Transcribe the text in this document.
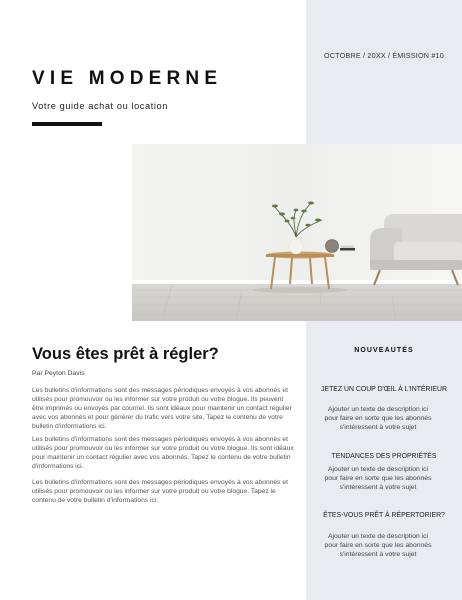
OCTOBRE / 20XX / ÉMISSION #10
VIE MODERNE
Votre guide achat ou location
Vous êtes prêt à régler?
Par Peyton Davis
Les bulletins d'informations sont des messages périodiques envoyés à vos abonnés et utilisés pour promouvoir ou les informer sur votre produit ou votre blogue. Ils peuvent être imprimés ou envoyés par courriel. Ils sont idéaux pour maintenir un contact régulier avec vos abonnés et pour générer du trafic vers votre site. Tapez le contenu de votre bulletin d'informations ici.
Les bulletins d'informations sont des messages périodiques envoyés à vos abonnés et utilisés pour promouvoir ou les informer sur votre produit ou votre blogue. Ils sont idéaux pour maintenir un contact régulier avec vos abonnés. Tapez le contenu de votre bulletin d'informations ici.
Les bulletins d'informations sont des messages périodiques envoyés à vos abonnés et utilisés pour promouvoir ou les informer sur votre produit ou votre blogue. Tapez le contenu de votre bulletin d'informations ici.
NOUVEAUTÉS
JETEZ UN COUP D'ŒIL À L'INTÉRIEUR
Ajouter un texte de description ici pour faire en sorte que les abonnés s'intéressent à votre sujet
TENDANCES DES PROPRIÉTÉS
Ajouter un texte de description ici pour faire en sorte que les abonnés s'intéressent à votre sujet
ÊTES-VOUS PRÊT À RÉPERTORIER?
Ajouter un texte de description ici pour faire en sorte que les abonnés s'intéressent à votre sujet
